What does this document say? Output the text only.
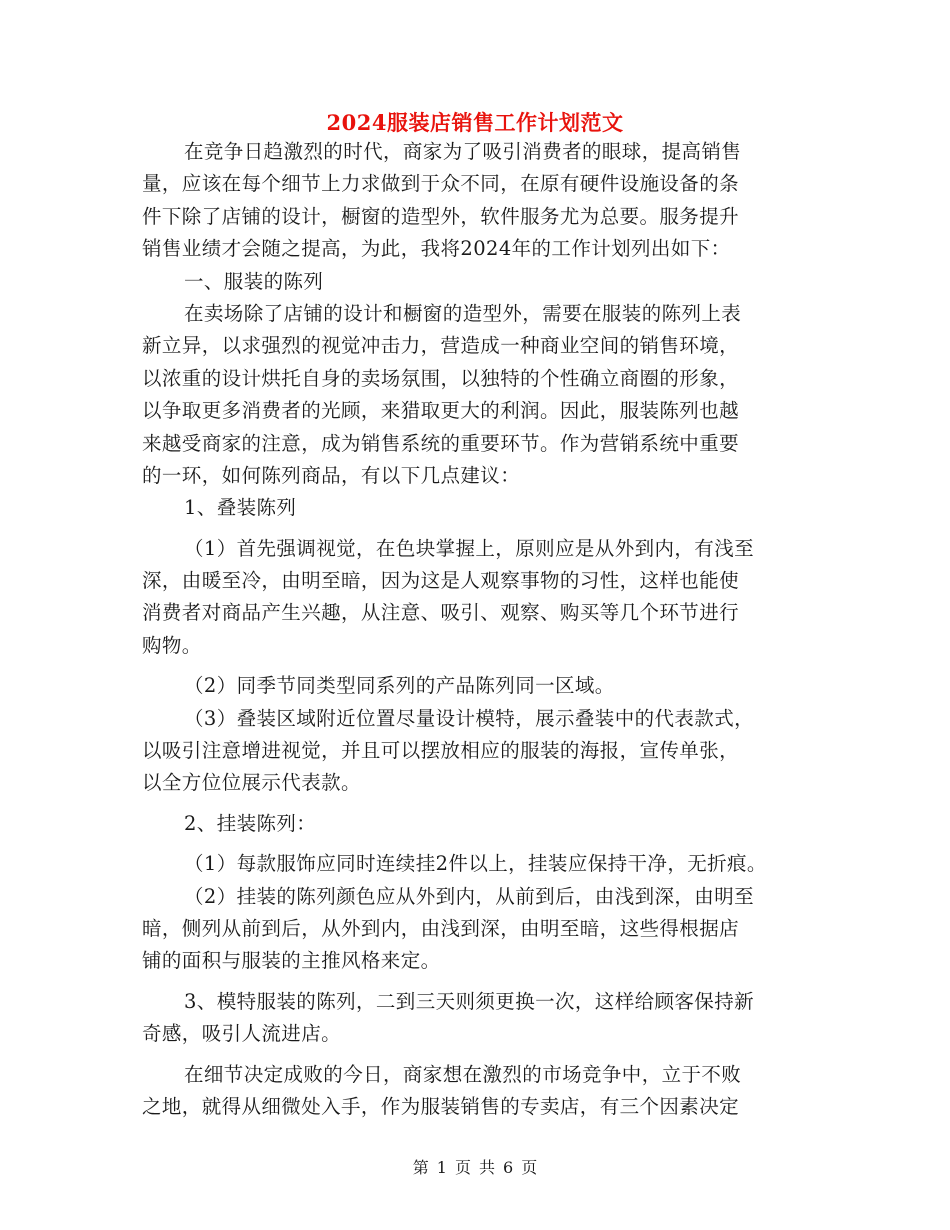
2024服装店销售工作计划范文
在竞争日趋激烈的时代，商家为了吸引消费者的眼球，提高销售
量，应该在每个细节上力求做到于众不同，在原有硬件设施设备的条
件下除了店铺的设计，橱窗的造型外，软件服务尤为总要。服务提升
销售业绩才会随之提高，为此，我将2024年的工作计划列出如下：
一、服装的陈列
在卖场除了店铺的设计和橱窗的造型外，需要在服装的陈列上表
新立异，以求强烈的视觉冲击力，营造成一种商业空间的销售环境，
以浓重的设计烘托自身的卖场氛围，以独特的个性确立商圈的形象，
以争取更多消费者的光顾，来猎取更大的利润。因此，服装陈列也越
来越受商家的注意，成为销售系统的重要环节。作为营销系统中重要
的一环，如何陈列商品，有以下几点建议：
1、叠装陈列
（1）首先强调视觉，在色块掌握上，原则应是从外到内，有浅至
深，由暖至冷，由明至暗，因为这是人观察事物的习性，这样也能使
消费者对商品产生兴趣，从注意、吸引、观察、购买等几个环节进行
购物。
（2）同季节同类型同系列的产品陈列同一区域。
（3）叠装区域附近位置尽量设计模特，展示叠装中的代表款式，
以吸引注意增进视觉，并且可以摆放相应的服装的海报，宣传单张，
以全方位位展示代表款。
2、挂装陈列：
（1）每款服饰应同时连续挂2件以上，挂装应保持干净，无折痕。
（2）挂装的陈列颜色应从外到内，从前到后，由浅到深，由明至
暗，侧列从前到后，从外到内，由浅到深，由明至暗，这些得根据店
铺的面积与服装的主推风格来定。
3、模特服装的陈列，二到三天则须更换一次，这样给顾客保持新
奇感，吸引人流进店。
在细节决定成败的今日，商家想在激烈的市场竞争中，立于不败
之地，就得从细微处入手，作为服装销售的专卖店，有三个因素决定
第 1 页 共 6 页
